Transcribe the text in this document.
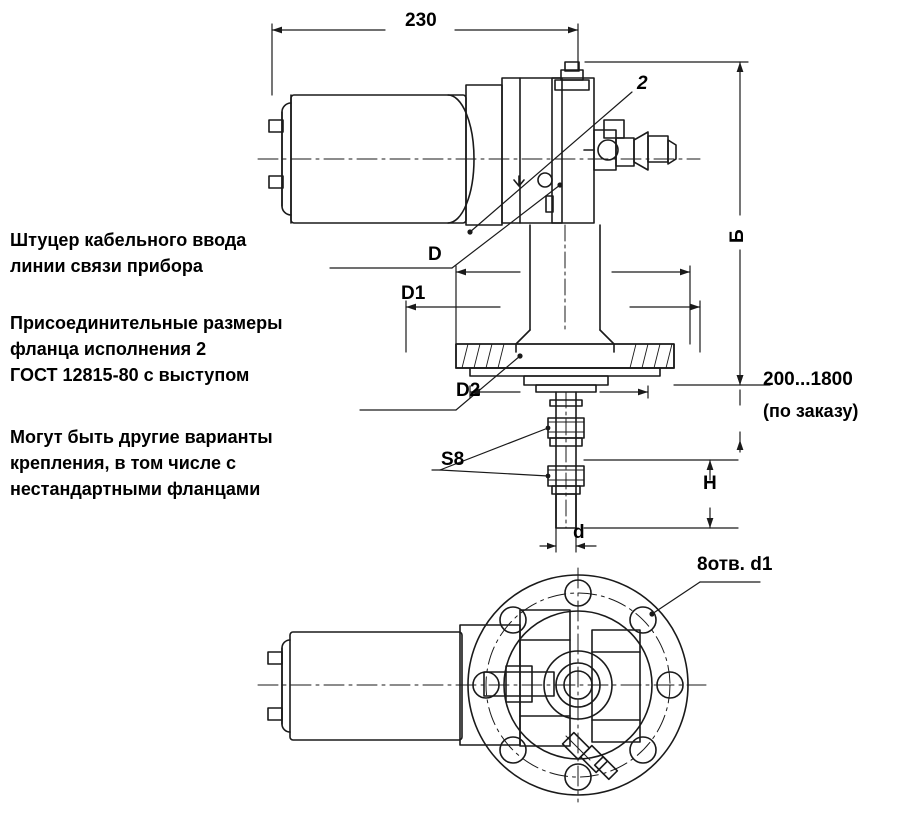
230
2
Б
D
D1
D2
S8
H
d
200...1800
(по заказу)
8отв. d1
Штуцер кабельного ввода
линии связи прибора
Присоединительные размеры
фланца исполнения 2
ГОСТ 12815-80 с выступом
Могут быть другие варианты
крепления, в том числе с
нестандартными фланцами
